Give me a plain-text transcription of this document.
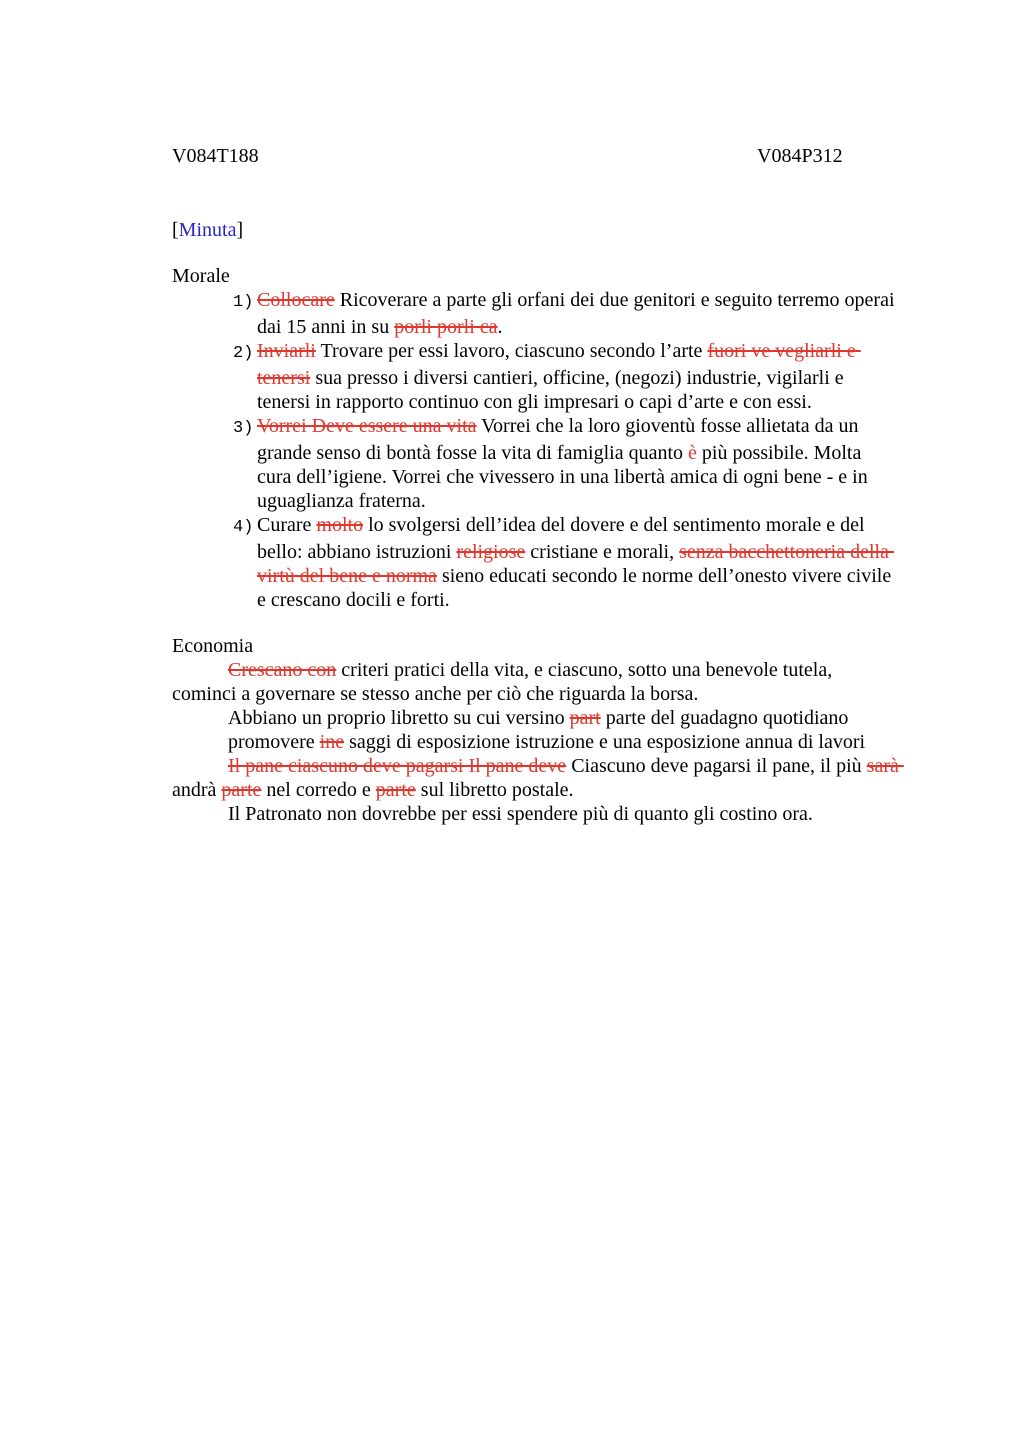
V084T188	V084P312
[Minuta]
Morale
1) Collocare Ricoverare a parte gli orfani dei due genitori e seguito terremo operai
dai 15 anni in su porli porli ca.
2) Inviarli Trovare per essi lavoro, ciascuno secondo l’arte fuori ve vegliarli e
tenersi sua presso i diversi cantieri, officine, (negozi) industrie, vigilarli e
tenersi in rapporto continuo con gli impresari o capi d’arte e con essi.
3) Vorrei Deve essere una vita Vorrei che la loro gioventù fosse allietata da un
grande senso di bontà fosse la vita di famiglia quanto è più possibile. Molta
cura dell’igiene. Vorrei che vivessero in una libertà amica di ogni bene - e in
uguaglianza fraterna.
4) Curare molto lo svolgersi dell’idea del dovere e del sentimento morale e del
bello: abbiano istruzioni religiose cristiane e morali, senza bacchettoneria della
virtù del bene e norma sieno educati secondo le norme dell’onesto vivere civile
e crescano docili e forti.
Economia
Crescano con criteri pratici della vita, e ciascuno, sotto una benevole tutela,
cominci a governare se stesso anche per ciò che riguarda la borsa.
Abbiano un proprio libretto su cui versino part parte del guadagno quotidiano
promovere ine saggi di esposizione istruzione e una esposizione annua di lavori
Il pane ciascuno deve pagarsi Il pane deve Ciascuno deve pagarsi il pane, il più sarà
andrà parte nel corredo e parte sul libretto postale.
Il Patronato non dovrebbe per essi spendere più di quanto gli costino ora.
